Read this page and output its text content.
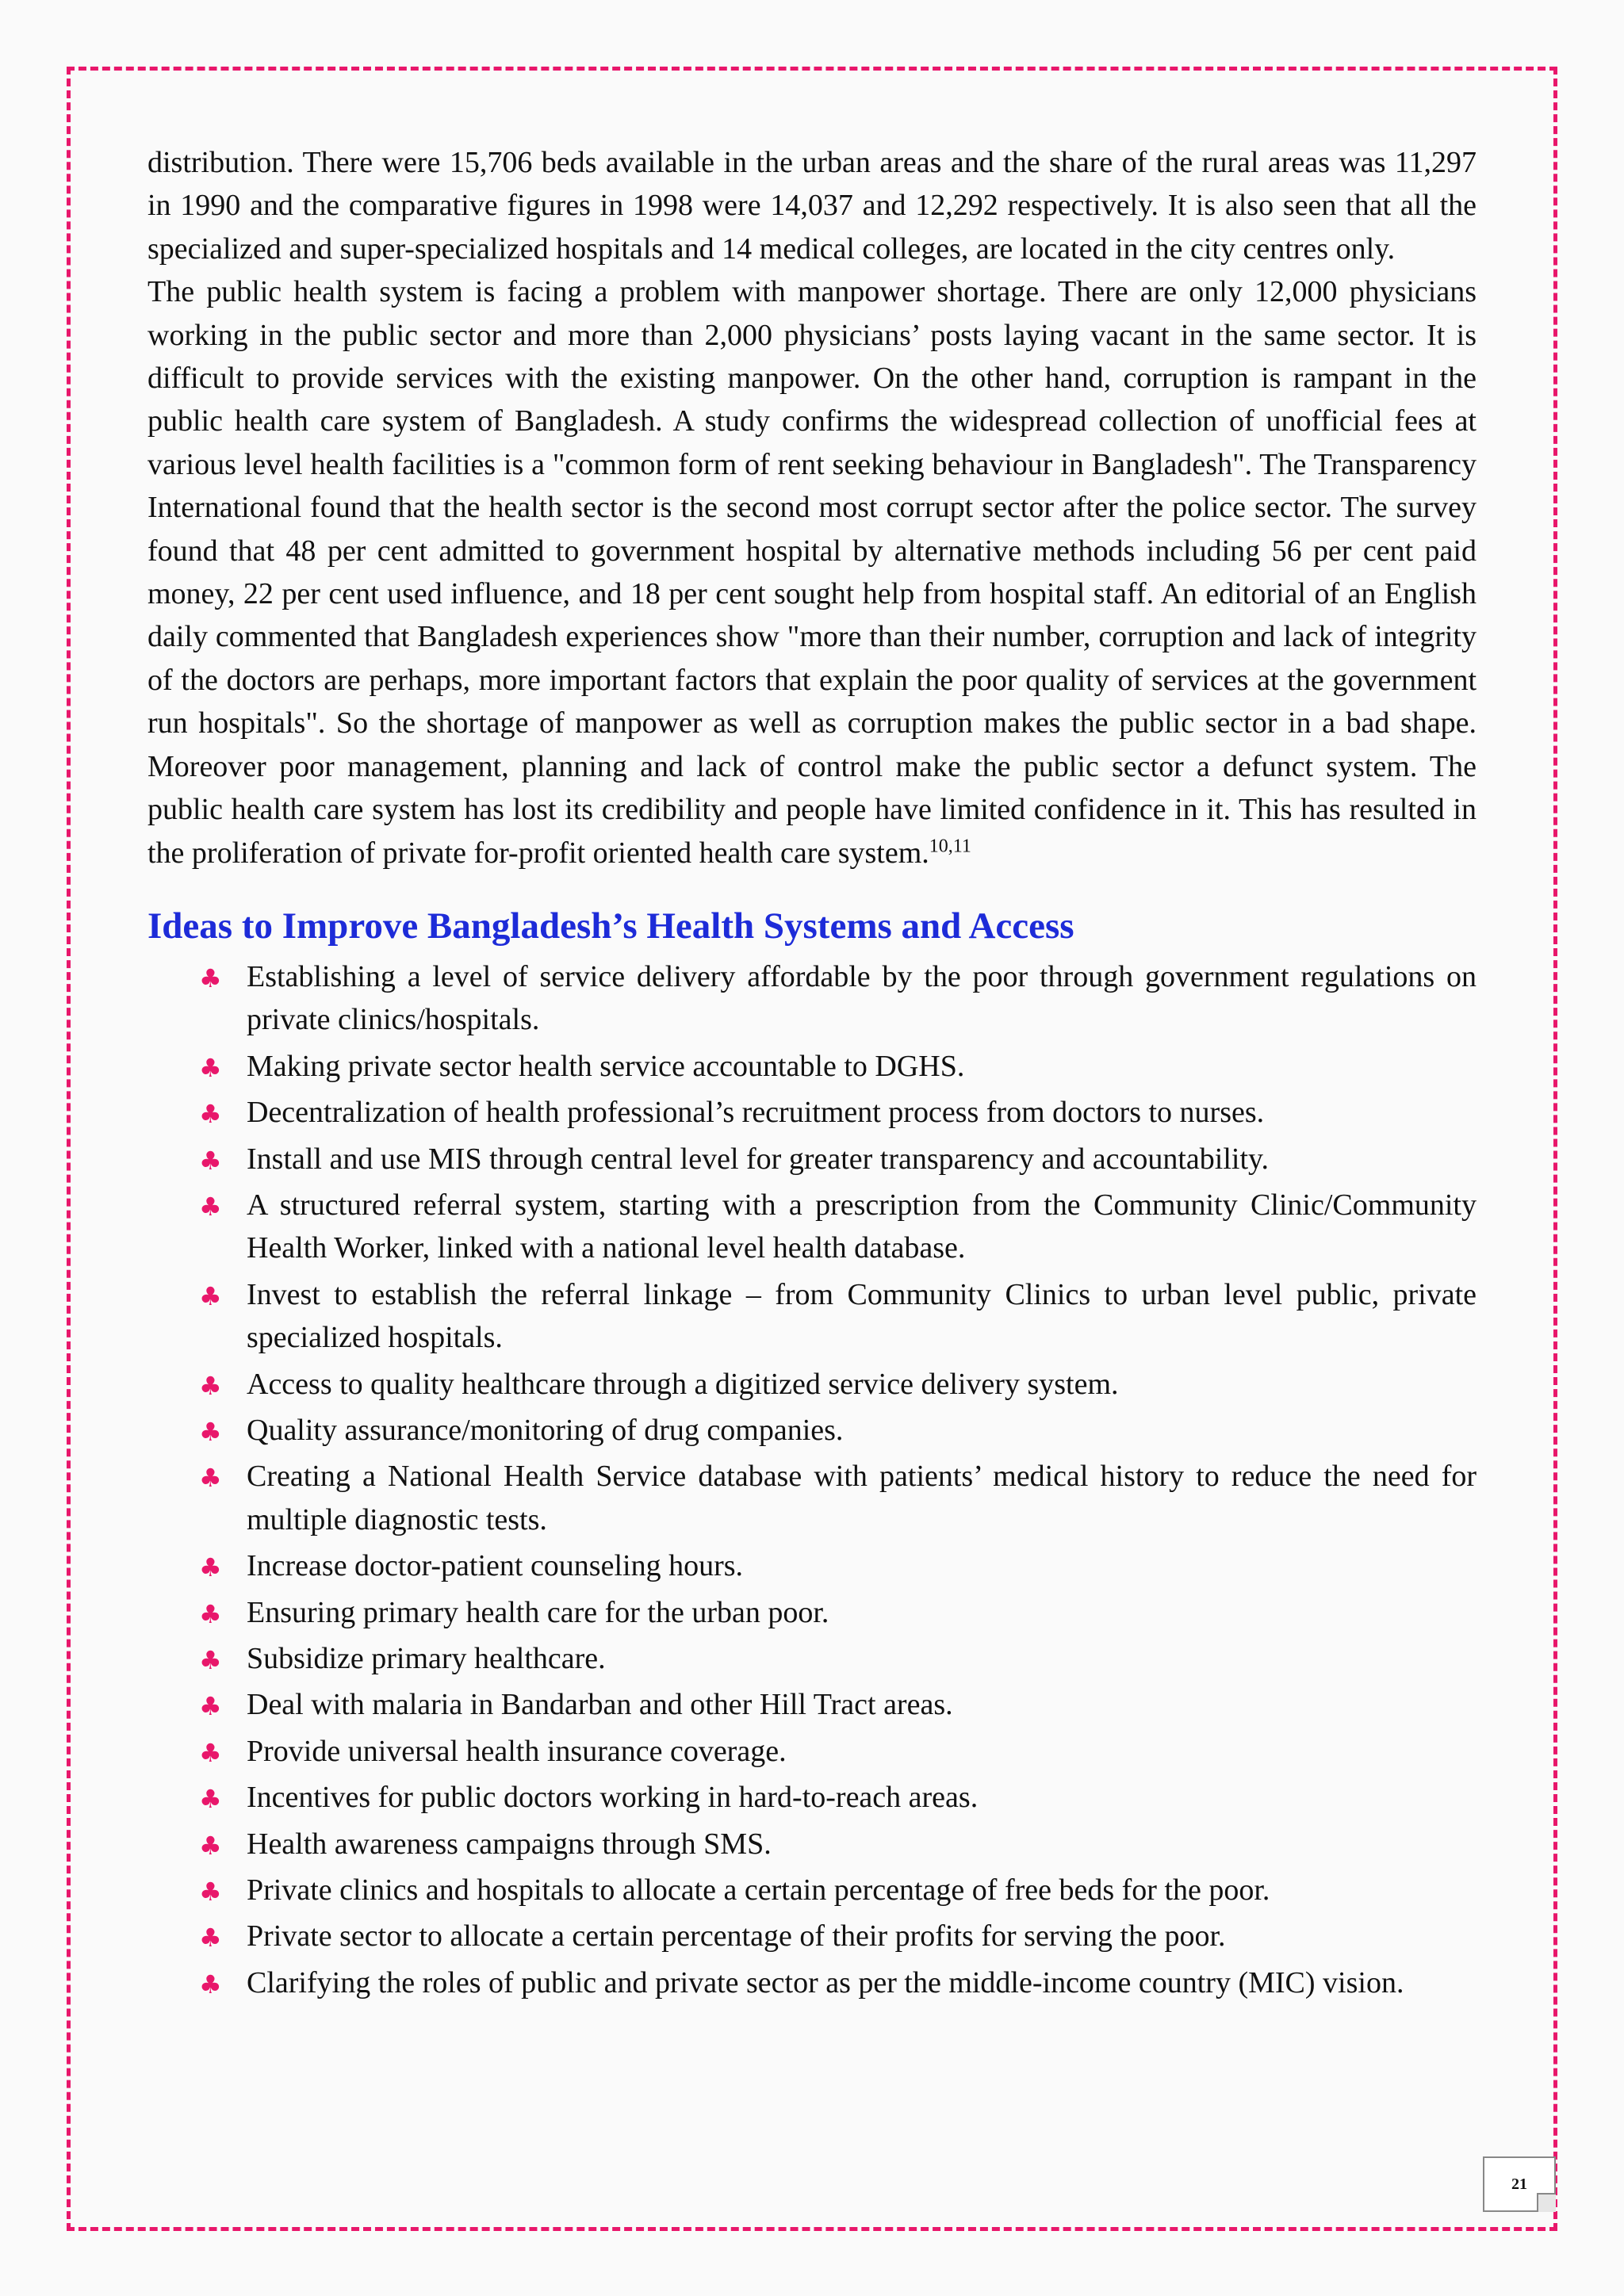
distribution. There were 15,706 beds available in the urban areas and the share of the rural areas was 11,297 in 1990 and the comparative figures in 1998 were 14,037 and 12,292 respectively. It is also seen that all the specialized and super-specialized hospitals and 14 medical colleges, are located in the city centres only.

The public health system is facing a problem with manpower shortage. There are only 12,000 physicians working in the public sector and more than 2,000 physicians’ posts laying vacant in the same sector. It is difficult to provide services with the existing manpower. On the other hand, corruption is rampant in the public health care system of Bangladesh. A study confirms the widespread collection of unofficial fees at various level health facilities is a "common form of rent seeking behaviour in Bangladesh". The Transparency International found that the health sector is the second most corrupt sector after the police sector. The survey found that 48 per cent admitted to government hospital by alternative methods including 56 per cent paid money, 22 per cent used influence, and 18 per cent sought help from hospital staff. An editorial of an English daily commented that Bangladesh experiences show "more than their number, corruption and lack of integrity of the doctors are perhaps, more important factors that explain the poor quality of services at the government run hospitals". So the shortage of manpower as well as corruption makes the public sector in a bad shape. Moreover poor management, planning and lack of control make the public sector a defunct system. The public health care system has lost its credibility and people have limited confidence in it. This has resulted in the proliferation of private for-profit oriented health care system.$^{10,11}$

Ideas to Improve Bangladesh’s Health Systems and Access
♣ Establishing a level of service delivery affordable by the poor through government regulations on private clinics/hospitals.
♣ Making private sector health service accountable to DGHS.
♣ Decentralization of health professional’s recruitment process from doctors to nurses.
♣ Install and use MIS through central level for greater transparency and accountability.
♣ A structured referral system, starting with a prescription from the Community Clinic/Community Health Worker, linked with a national level health database.
♣ Invest to establish the referral linkage – from Community Clinics to urban level public, private specialized hospitals.
♣ Access to quality healthcare through a digitized service delivery system.
♣ Quality assurance/monitoring of drug companies.
♣ Creating a National Health Service database with patients’ medical history to reduce the need for multiple diagnostic tests.
♣ Increase doctor-patient counseling hours.
♣ Ensuring primary health care for the urban poor.
♣ Subsidize primary healthcare.
♣ Deal with malaria in Bandarban and other Hill Tract areas.
♣ Provide universal health insurance coverage.
♣ Incentives for public doctors working in hard-to-reach areas.
♣ Health awareness campaigns through SMS.
♣ Private clinics and hospitals to allocate a certain percentage of free beds for the poor.
♣ Private sector to allocate a certain percentage of their profits for serving the poor.
♣ Clarifying the roles of public and private sector as per the middle-income country (MIC) vision.
21
